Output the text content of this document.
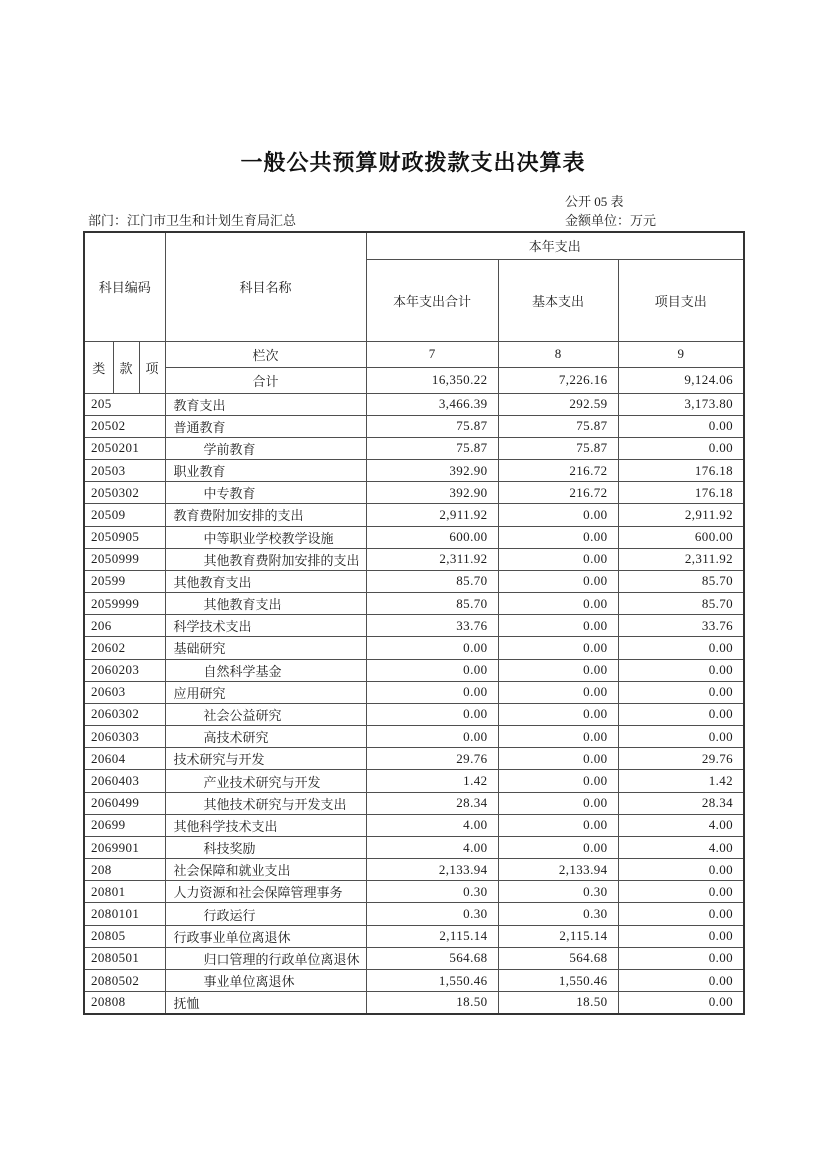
一般公共预算财政拨款支出决算表
公开 05 表
部门：江门市卫生和计划生育局汇总	金额单位：万元
科目编码			科目名称	本年支出		
				本年支出合计	基本支出	项目支出
类	款	项	栏次	7	8	9
			合计	16,350.22	7,226.16	9,124.06
205			教育支出	3,466.39	292.59	3,173.80
20502			普通教育	75.87	75.87	0.00
2050201			学前教育	75.87	75.87	0.00
20503			职业教育	392.90	216.72	176.18
2050302			中专教育	392.90	216.72	176.18
20509			教育费附加安排的支出	2,911.92	0.00	2,911.92
2050905			中等职业学校教学设施	600.00	0.00	600.00
2050999			其他教育费附加安排的支出	2,311.92	0.00	2,311.92
20599			其他教育支出	85.70	0.00	85.70
2059999			其他教育支出	85.70	0.00	85.70
206			科学技术支出	33.76	0.00	33.76
20602			基础研究	0.00	0.00	0.00
2060203			自然科学基金	0.00	0.00	0.00
20603			应用研究	0.00	0.00	0.00
2060302			社会公益研究	0.00	0.00	0.00
2060303			高技术研究	0.00	0.00	0.00
20604			技术研究与开发	29.76	0.00	29.76
2060403			产业技术研究与开发	1.42	0.00	1.42
2060499			其他技术研究与开发支出	28.34	0.00	28.34
20699			其他科学技术支出	4.00	0.00	4.00
2069901			科技奖励	4.00	0.00	4.00
208			社会保障和就业支出	2,133.94	2,133.94	0.00
20801			人力资源和社会保障管理事务	0.30	0.30	0.00
2080101			行政运行	0.30	0.30	0.00
20805			行政事业单位离退休	2,115.14	2,115.14	0.00
2080501			归口管理的行政单位离退休	564.68	564.68	0.00
2080502			事业单位离退休	1,550.46	1,550.46	0.00
20808			抚恤	18.50	18.50	0.00
